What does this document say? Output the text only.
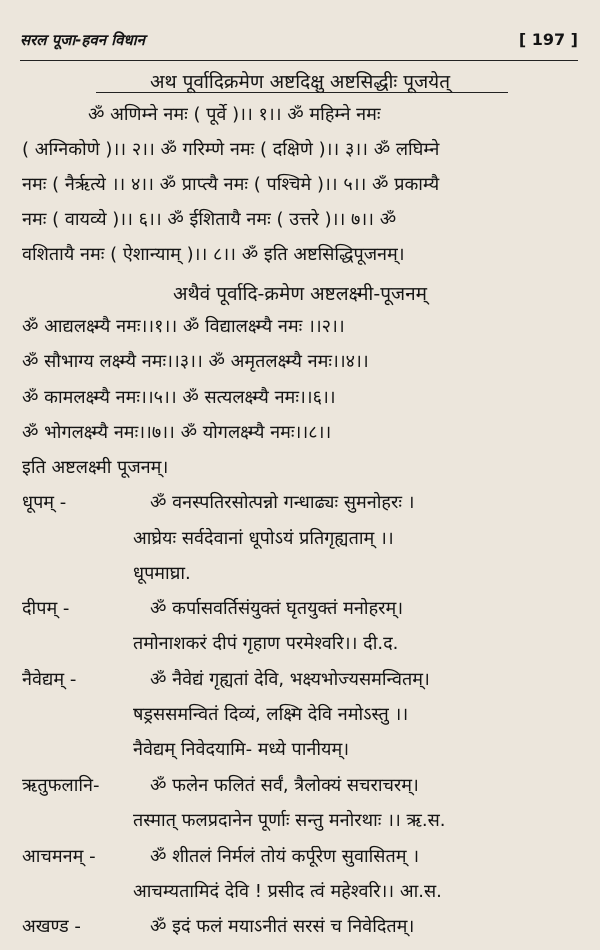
सरल पूजा-हवन विधान	[ 197 ]
अथ पूर्वादिक्रमेण अष्टदिक्षु अष्टसिद्धीः पूजयेत्
ॐ अणिम्ने नमः ( पूर्वे )।। १।। ॐ महिम्ने नमः
( अग्निकोणे )।। २।। ॐ गरिम्णे नमः ( दक्षिणे )।। ३।। ॐ लघिम्ने
नमः ( नैर्ऋत्ये ।। ४।। ॐ प्राप्त्यै नमः ( पश्चिमे )।। ५।। ॐ प्रकाम्यै
नमः ( वायव्ये )।। ६।। ॐ ईशितायै नमः ( उत्तरे )।। ७।। ॐ
वशितायै नमः ( ऐशान्याम् )।। ८।। ॐ इति अष्टसिद्धिपूजनम्।
अथैवं पूर्वादि-क्रमेण अष्टलक्ष्मी-पूजनम्
ॐ आद्यलक्ष्म्यै नमः।।१।। ॐ विद्यालक्ष्म्यै नमः ।।२।।
ॐ सौभाग्य लक्ष्म्यै नमः।।३।। ॐ अमृतलक्ष्म्यै नमः।।४।।
ॐ कामलक्ष्म्यै नमः।।५।। ॐ सत्यलक्ष्म्यै नमः।।६।।
ॐ भोगलक्ष्म्यै नमः।।७।। ॐ योगलक्ष्म्यै नमः।।८।।
इति अष्टलक्ष्मी पूजनम्।
धूपम् -	ॐ वनस्पतिरसोत्पन्नो गन्धाढ्यः सुमनोहरः ।
आघ्रेयः सर्वदेवानां धूपोऽयं प्रतिगृह्यताम् ।।
धूपमाघ्रा.
दीपम् -	ॐ कर्पासवर्तिसंयुक्तं घृतयुक्तं मनोहरम्।
तमोनाशकरं दीपं गृहाण परमेश्वरि।। दी.द.
नैवेद्यम् -	ॐ नैवेद्यं गृह्यतां देवि, भक्ष्यभोज्यसमन्वितम्।
षड्रससमन्वितं दिव्यं, लक्ष्मि देवि नमोऽस्तु ।।
नैवेद्यम् निवेदयामि- मध्ये पानीयम्।
ऋतुफलानि-	ॐ फलेन फलितं सर्वं, त्रैलोक्यं सचराचरम्।
तस्मात् फलप्रदानेन पूर्णाः सन्तु मनोरथाः ।। ऋ.स.
आचमनम् -	ॐ शीतलं निर्मलं तोयं कर्पूरेण सुवासितम् ।
आचम्यतामिदं देवि ! प्रसीद त्वं महेश्वरि।। आ.स.
अखण्ड -	ॐ इदं फलं मयाऽनीतं सरसं च निवेदितम्।
